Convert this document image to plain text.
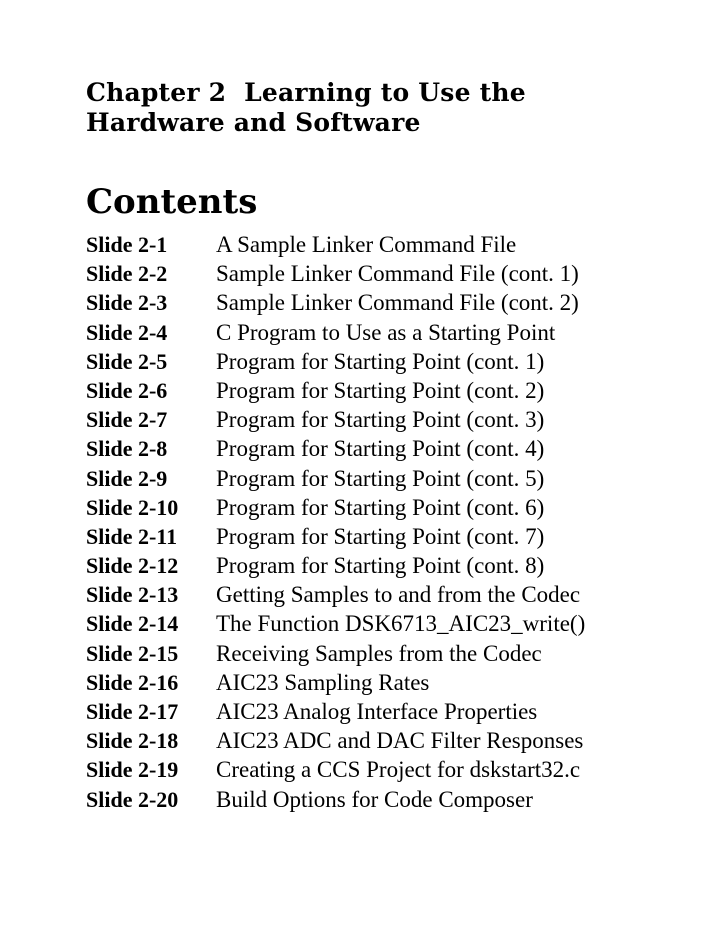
Chapter 2  Learning to Use the
Hardware and Software
Contents
Slide 2-1	A Sample Linker Command File
Slide 2-2	Sample Linker Command File (cont. 1)
Slide 2-3	Sample Linker Command File (cont. 2)
Slide 2-4	C Program to Use as a Starting Point
Slide 2-5	Program for Starting Point (cont. 1)
Slide 2-6	Program for Starting Point (cont. 2)
Slide 2-7	Program for Starting Point (cont. 3)
Slide 2-8	Program for Starting Point (cont. 4)
Slide 2-9	Program for Starting Point (cont. 5)
Slide 2-10	Program for Starting Point (cont. 6)
Slide 2-11	Program for Starting Point (cont. 7)
Slide 2-12	Program for Starting Point (cont. 8)
Slide 2-13	Getting Samples to and from the Codec
Slide 2-14	The Function DSK6713_AIC23_write()
Slide 2-15	Receiving Samples from the Codec
Slide 2-16	AIC23 Sampling Rates
Slide 2-17	AIC23 Analog Interface Properties
Slide 2-18	AIC23 ADC and DAC Filter Responses
Slide 2-19	Creating a CCS Project for dskstart32.c
Slide 2-20	Build Options for Code Composer
